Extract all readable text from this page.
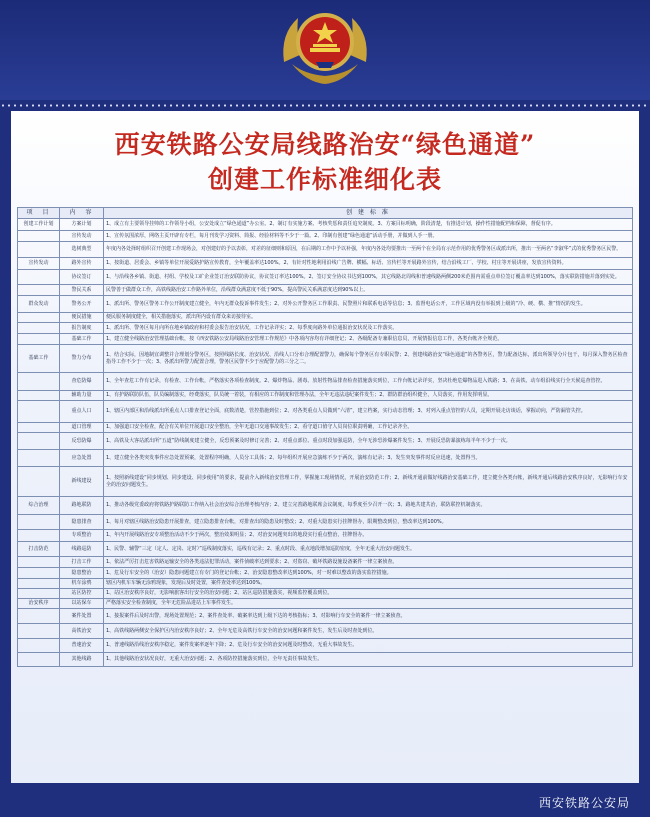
西安铁路公安局线路治安“绿色通道”
创建工作标准细化表
项　目	内　容	创 建 标 准
创建工作计划	方案计划	1、成立有主要领导挂帅的工作领导小组，公安处成立“绿色通道”办公室。2、制订有实施方案、考核奖惩和责任追究制度。3、方案目标明确，阶段清楚，有推进计划，操作性措施配档和保障，督促有序。
	宣传发动	1、宣传氛围浓厚，网络主页开辟有专栏，每月刊发学习资料、简报、经验材料等不少于一篇。2、印制有创建“绿色通道”活动手册，并做到人手一册。
	选树典型	年度内各处择时组织召开创建工作现场会，对创建好的予以表彰，对差的征细则和原因，在后期的工作中予以补强，年度内各处均要推出一至两个在全局有示范作用的优秀警务区或派出所，推出一至两名“李淑华”式的优秀警务区民警。
宣传发动	路外宣传	1、按街道、居委会、乡镇等单位开展爱路护路宣传教育，全年覆盖率达100%。2、有针对性地利用沿线广告牌、横幅、标语、宣传栏等开展路外宣传，结合沿线工厂、学校、村庄等开展讲座，发放宣传资料。
	协议签订	1、与沿线各乡镇、街道、村组、学校及工矿企业签订治安联防协议，协议签订率达100%。2、签订安全协议书达到100%，其它线路北周线和普速线路两侧200米范围内需重点单位签订覆盖率达到100%，落实联防措施并落到实处。
	警民关系	民警善于做群众工作，高铁线路治安工作路外单位，沿线群众满意度不低于90%，提高警民关系满意度达到90%以上。
群众发动	警务公开	1、派出所、警务区警务工作公开制度建立健全，年内无群众投诉事件发生；2、对外公开警务区工作职责、民警照片和联系电话等信息；3、监督电话公开，工作区域内没有举报到上级的“冷、硬、横、推”情况的发生。
	便民措施	便民服务制度健全，相关措施落实，派出所内设有群众来访接待室。
	报告制度	1、派出所、警务区每月向所在地乡镇政府和村委会报告治安状况，工作记录详实；2、每季度向路外单位通报治安状况及工作落实。
	基础工作	1、建立健全线路治安管理基础台帐，按《西安铁路公安局线路治安管理工作规范》中各项内容均有详细登记；2、各级配备专兼职信息员，开展情报信息工作，各类台帐齐全规范。
基础工作	警力分布	1、结合实际，因地制宜调整并合理划分警务区，按照线路长度、治安状况、沿线人口分布合理配置警力，确保每个警务区有专职民警；2、创建线路治安“绿色通道”的各警务区，警力配备达标，派出所领导分片包干，每月深入警务区检查指导工作不少于一次；3、各派出所警力配置合理，警务区民警不少于应配警力的三分之二。
	查危防爆	1、全年查危工作有记录，有检查、工作台帐，严格落实各项检查制度。2、爆炸物品、剧毒、放射性物品排查检查措施落实到位，工作台帐记录详实，坚决杜绝危爆物品进入铁路；3、在高铁、动车组沿线实行全天候巡查管控。
	辅助力量	1、有护路联防队伍，队员编制落实，经费落实，队员统一着装，有相应的工作制度和管理办法，全年无违法违纪案件发生；2、群防群治组织健全，人员落实，作用发挥明显。
	重点人口	1、辖区内部区和沿线派出所重点人口排查登记全面，底数清楚，管控措施到位；2、对各类重点人员做到“六清”，建立档案，实行动态管理；3、对列入重点管控的人员，定期开展走访谈话，掌握动向，严防漏管失控。
	道口管理	1、加强道口安全检查，配合有关单位开展道口安全整治，全年无道口交通事故发生；2、看守道口值守人员岗位职责明确，工作记录齐全。
	反恐防爆	1、高铁及大客站派出所“五道”防线制度建立健全，反恐预案及时修订完善；2、对重点部位、重点时段加强巡防，全年无涉恐涉爆案件发生；3、开展反恐防暴演练每半年不少于一次。
	应急处置	1、建立健全各类突发事件应急处置预案，处置程序明确，人员分工具体；2、每年组织开展应急演练不少于两次，演练有记录；3、发生突发事件时反应迅速，处置得当。
	新线建设	1、按照新线建设“同步规划、同步建设、同步使用”的要求，提前介入新线治安管理工作，掌握施工现场情况，开展治安防范工作；2、新线开通前做好线路治安基础工作，建立健全各类台帐，新线开通后线路治安秩序良好，无影响行车安全的治安问题发生。
综合治理	路地联防	1、推动各级党委政府将铁路护路联防工作纳入社会治安综合治理考核内容；2、建立完善路地联席会议制度，每季度至少召开一次；3、路地共建共治，联防联控机制落实。
	隐患排查	1、每月对辖区线路治安隐患开展排查，建立隐患排查台帐，对排查出的隐患及时整改；2、对重大隐患实行挂牌督办，限期整改到位，整改率达到100%。
	专项整治	1、年内开展线路治安专项整治活动不少于两次，整治效果明显；2、对治安问题突出的地段实行重点整治，挂牌督办。
打击防范	线路巡防	1、民警、辅警“三定（定人、定岗、定时）”巡线制度落实，巡线有记录；2、重点时段、重点地段增加巡防密度，全年无重大治安问题发生。
	打击工作	1、依法严厉打击危害铁路运输安全的各类违法犯罪活动，案件侦破率达到要求；2、对盗窃、破坏铁路设施设备案件一律立案侦查。
	隐患整治	1、危及行车安全的（治安）隐患问题建立有专门的登记台帐；2、治安隐患整改率达到100%，对一时难以整改的落实监控措施。
	机车涂鸦	辖区内机车车辆无涂鸦现象，发现后及时处置，案件查处率达到100%。
	站区防控	1、站区治安秩序良好，无影响旅客出行安全的治安问题；2、站区巡防措施落实，视频监控覆盖到位。
治安秩序	以站保车	严格落实安全检查制度，全年无危险品进站上车事件发生。
	案件处置	1、接报案件后及时出警，现场处置规范；2、案件查处率、破案率达到上级下达的考核指标；3、对影响行车安全的案件一律立案侦查。
	高铁治安	1、高铁线路两侧安全保护区内治安秩序良好；2、全年无危及高铁行车安全的治安问题和案件发生，发生后及时查处到位。
	普速治安	1、普速线路沿线治安秩序稳定，案件发案率逐年下降；2、危及行车安全的治安问题及时整改，无重大事故发生。
	其他线路	1、其他线路治安状况良好，无重大治安问题；2、各项防控措施落实到位，全年无责任事故发生。
西安铁路公安局
